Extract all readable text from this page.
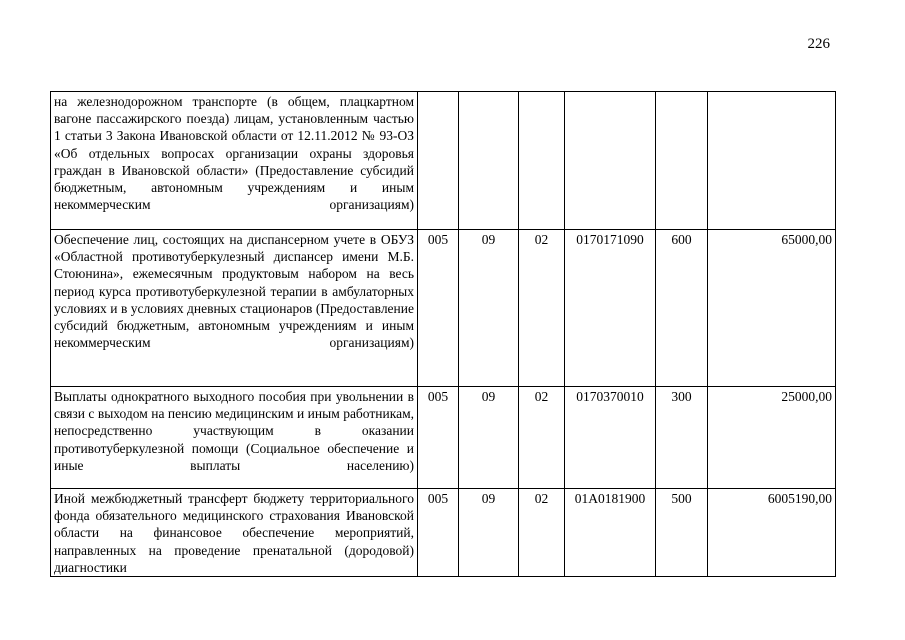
226
на железнодорожном транспорте (в общем, плацкартном вагоне пассажирского поезда) лицам, установленным частью 1 статьи 3 Закона Ивановской области от 12.11.2012 № 93-ОЗ «Об отдельных вопросах организации охраны здоровья граждан в Ивановской области» (Предоставление субсидий бюджетным, автономным учреждениям и иным некоммерческим организациям)						
Обеспечение лиц, состоящих на диспансерном учете в ОБУЗ «Областной противотуберкулезный диспансер имени М.Б. Стоюнина», ежемесячным продуктовым набором на весь период курса противотуберкулезной терапии в амбулаторных условиях и в условиях дневных стационаров (Предоставление субсидий бюджетным, автономным учреждениям и иным некоммерческим организациям)	005	09	02	0170171090	600	65000,00
Выплаты однократного выходного пособия при увольнении в связи с выходом на пенсию медицинским и иным работникам, непосредственно участвующим в оказании противотуберкулезной помощи (Социальное обеспечение и иные выплаты населению)	005	09	02	0170370010	300	25000,00
Иной межбюджетный трансферт бюджету территориального фонда обязательного медицинского страхования Ивановской области на финансовое обеспечение мероприятий, направленных на проведение пренатальной (дородовой) диагностики	005	09	02	01А0181900	500	6005190,00
